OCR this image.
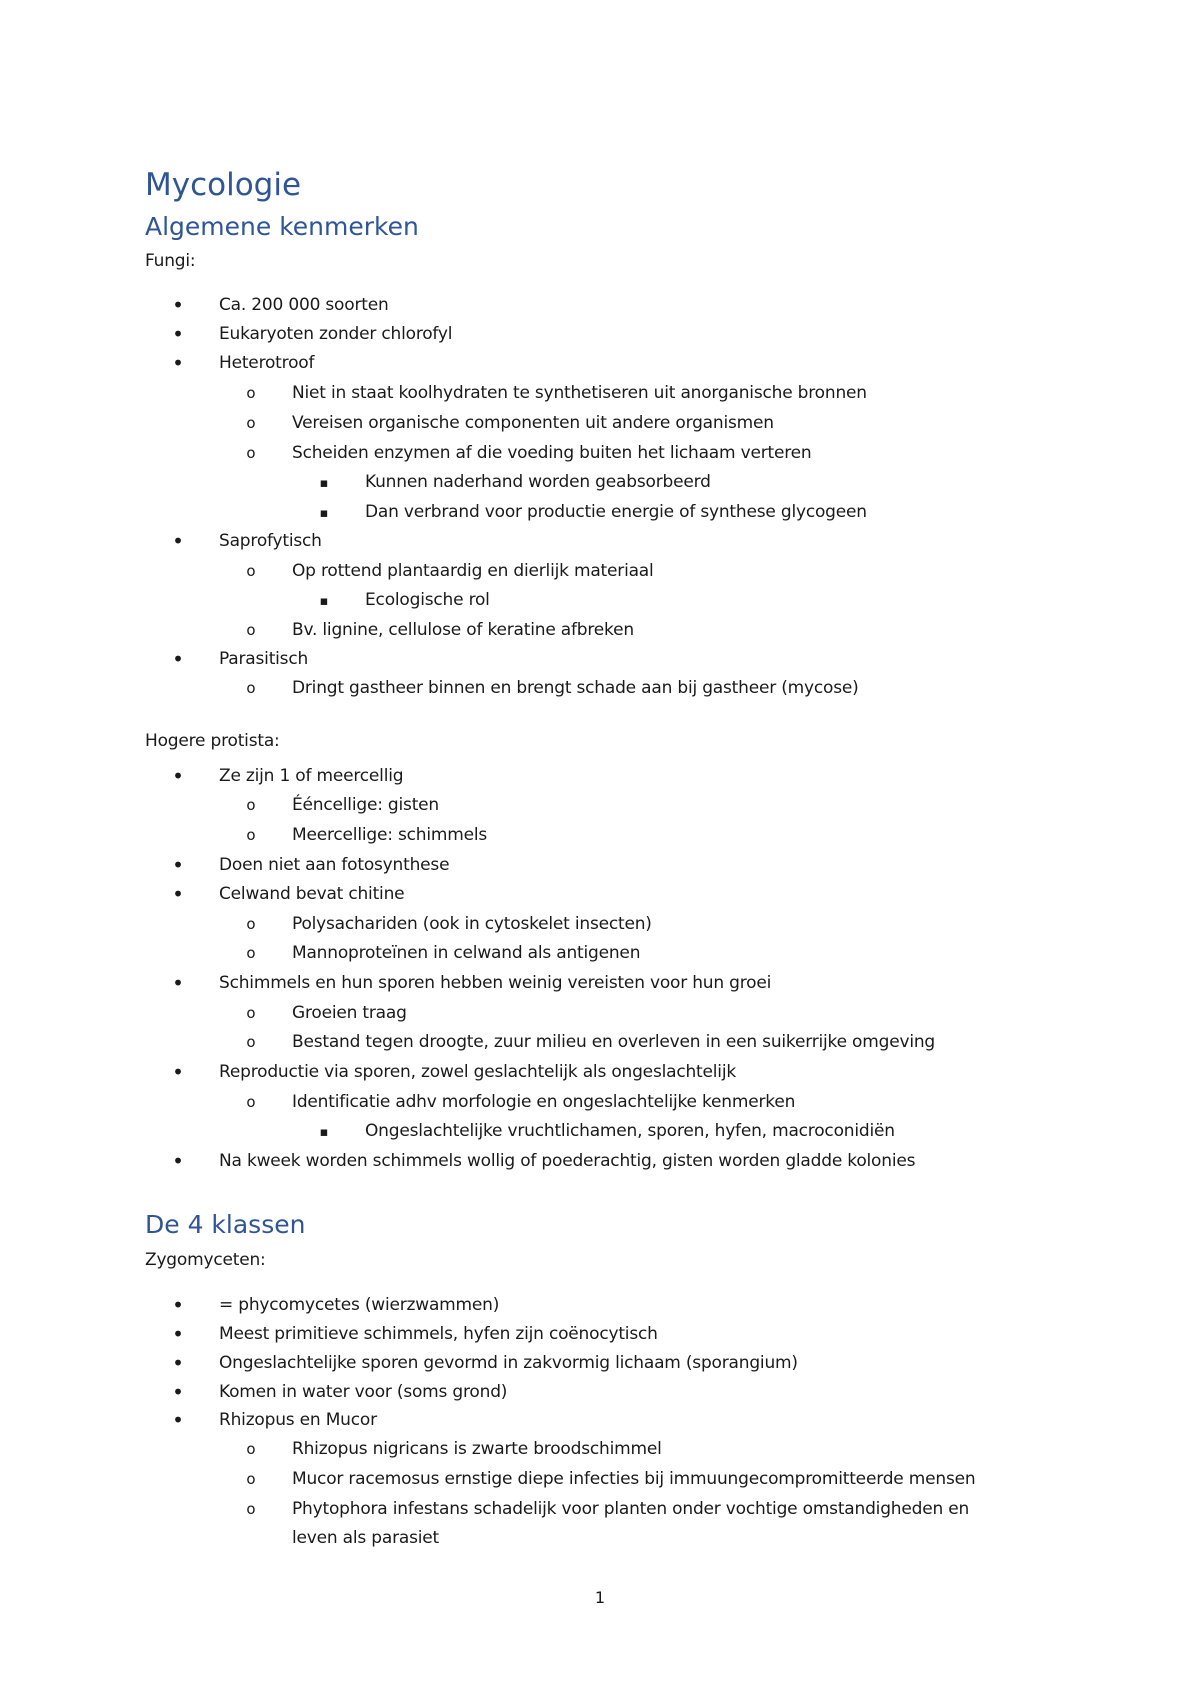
Mycologie
Algemene kenmerken
Fungi:
•
Ca. 200 000 soorten
•
Eukaryoten zonder chlorofyl
•
Heterotroof
o
Niet in staat koolhydraten te synthetiseren uit anorganische bronnen
o
Vereisen organische componenten uit andere organismen
o
Scheiden enzymen af die voeding buiten het lichaam verteren
▪
Kunnen naderhand worden geabsorbeerd
▪
Dan verbrand voor productie energie of synthese glycogeen
•
Saprofytisch
o
Op rottend plantaardig en dierlijk materiaal
▪
Ecologische rol
o
Bv. lignine, cellulose of keratine afbreken
•
Parasitisch
o
Dringt gastheer binnen en brengt schade aan bij gastheer (mycose)
Hogere protista:
•
Ze zijn 1 of meercellig
o
Ééncellige: gisten
o
Meercellige: schimmels
•
Doen niet aan fotosynthese
•
Celwand bevat chitine
o
Polysachariden (ook in cytoskelet insecten)
o
Mannoproteïnen in celwand als antigenen
•
Schimmels en hun sporen hebben weinig vereisten voor hun groei
o
Groeien traag
o
Bestand tegen droogte, zuur milieu en overleven in een suikerrijke omgeving
•
Reproductie via sporen, zowel geslachtelijk als ongeslachtelijk
o
Identificatie adhv morfologie en ongeslachtelijke kenmerken
▪
Ongeslachtelijke vruchtlichamen, sporen, hyfen, macroconidiën
•
Na kweek worden schimmels wollig of poederachtig, gisten worden gladde kolonies
De 4 klassen
Zygomyceten:
•
= phycomycetes (wierzwammen)
•
Meest primitieve schimmels, hyfen zijn coënocytisch
•
Ongeslachtelijke sporen gevormd in zakvormig lichaam (sporangium)
•
Komen in water voor (soms grond)
•
Rhizopus en Mucor
o
Rhizopus nigricans is zwarte broodschimmel
o
Mucor racemosus ernstige diepe infecties bij immuungecompromitteerde mensen
o
Phytophora infestans schadelijk voor planten onder vochtige omstandigheden en
leven als parasiet
1
